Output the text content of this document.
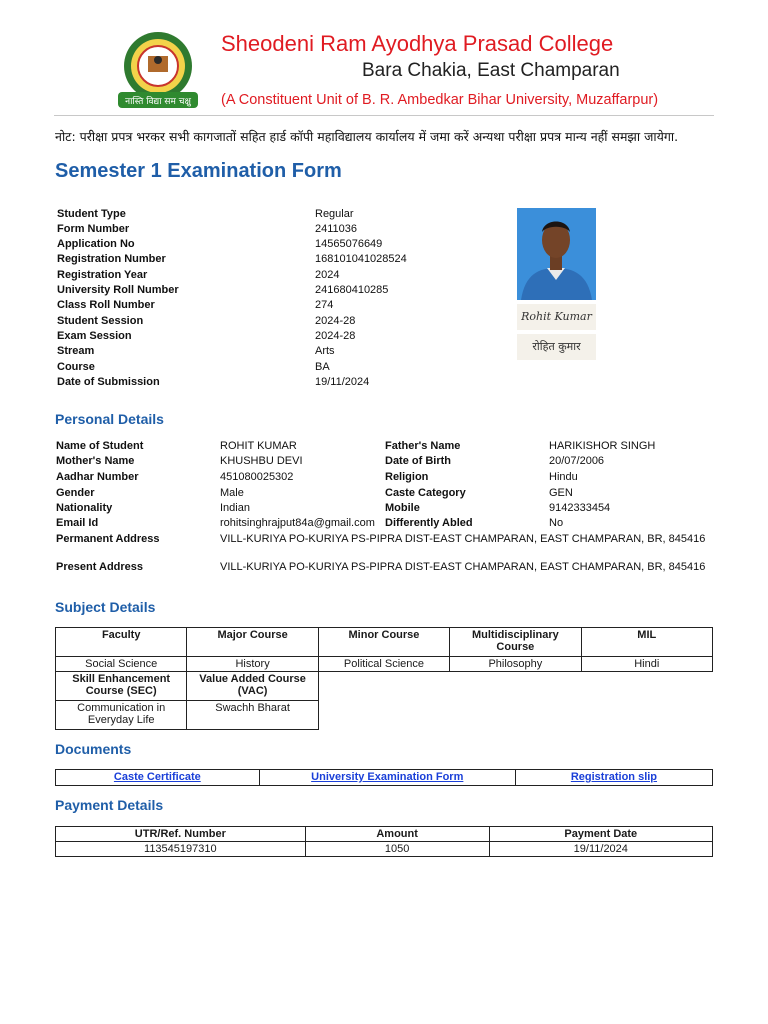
नास्ति विद्या सम चक्षु
Sheodeni Ram Ayodhya Prasad College
Bara Chakia, East Champaran
(A Constituent Unit of B. R. Ambedkar Bihar University, Muzaffarpur)
नोट: परीक्षा प्रपत्र भरकर सभी कागजातों सहित हार्ड कॉपी महाविद्यालय कार्यालय में जमा करें अन्यथा परीक्षा प्रपत्र मान्य नहीं समझा जायेगा.
Semester 1 Examination Form
Student Type	Regular
Form Number	2411036
Application No	14565076649
Registration Number	168101041028524
Registration Year	2024
University Roll Number	241680410285
Class Roll Number	274
Student Session	2024-28
Exam Session	2024-28
Stream	Arts
Course	BA
Date of Submission	19/11/2024
Rohit Kumar
रोहित कुमार
Personal Details
Name of Student	ROHIT KUMAR	Father's Name	HARIKISHOR SINGH
Mother's Name	KHUSHBU DEVI	Date of Birth	20/07/2006
Aadhar Number	451080025302	Religion	Hindu
Gender	Male	Caste Category	GEN
Nationality	Indian	Mobile	9142333454
Email Id	rohitsinghrajput84a@gmail.com Differently Abled	No
Permanent Address	VILL-KURIYA PO-KURIYA PS-PIPRA DIST-EAST CHAMPARAN, EAST CHAMPARAN, BR, 845416
Present Address	VILL-KURIYA PO-KURIYA PS-PIPRA DIST-EAST CHAMPARAN, EAST CHAMPARAN, BR, 845416
Subject Details
Faculty	Major Course	Minor Course	Multidisciplinary Course	MIL
Social Science	History	Political Science	Philosophy	Hindi
Skill Enhancement Course (SEC)	Value Added Course (VAC)			
Communication in Everyday Life	Swachh Bharat			
Documents
Caste Certificate	University Examination Form	Registration slip
Payment Details
UTR/Ref. Number	Amount	Payment Date
113545197310	1050	19/11/2024
